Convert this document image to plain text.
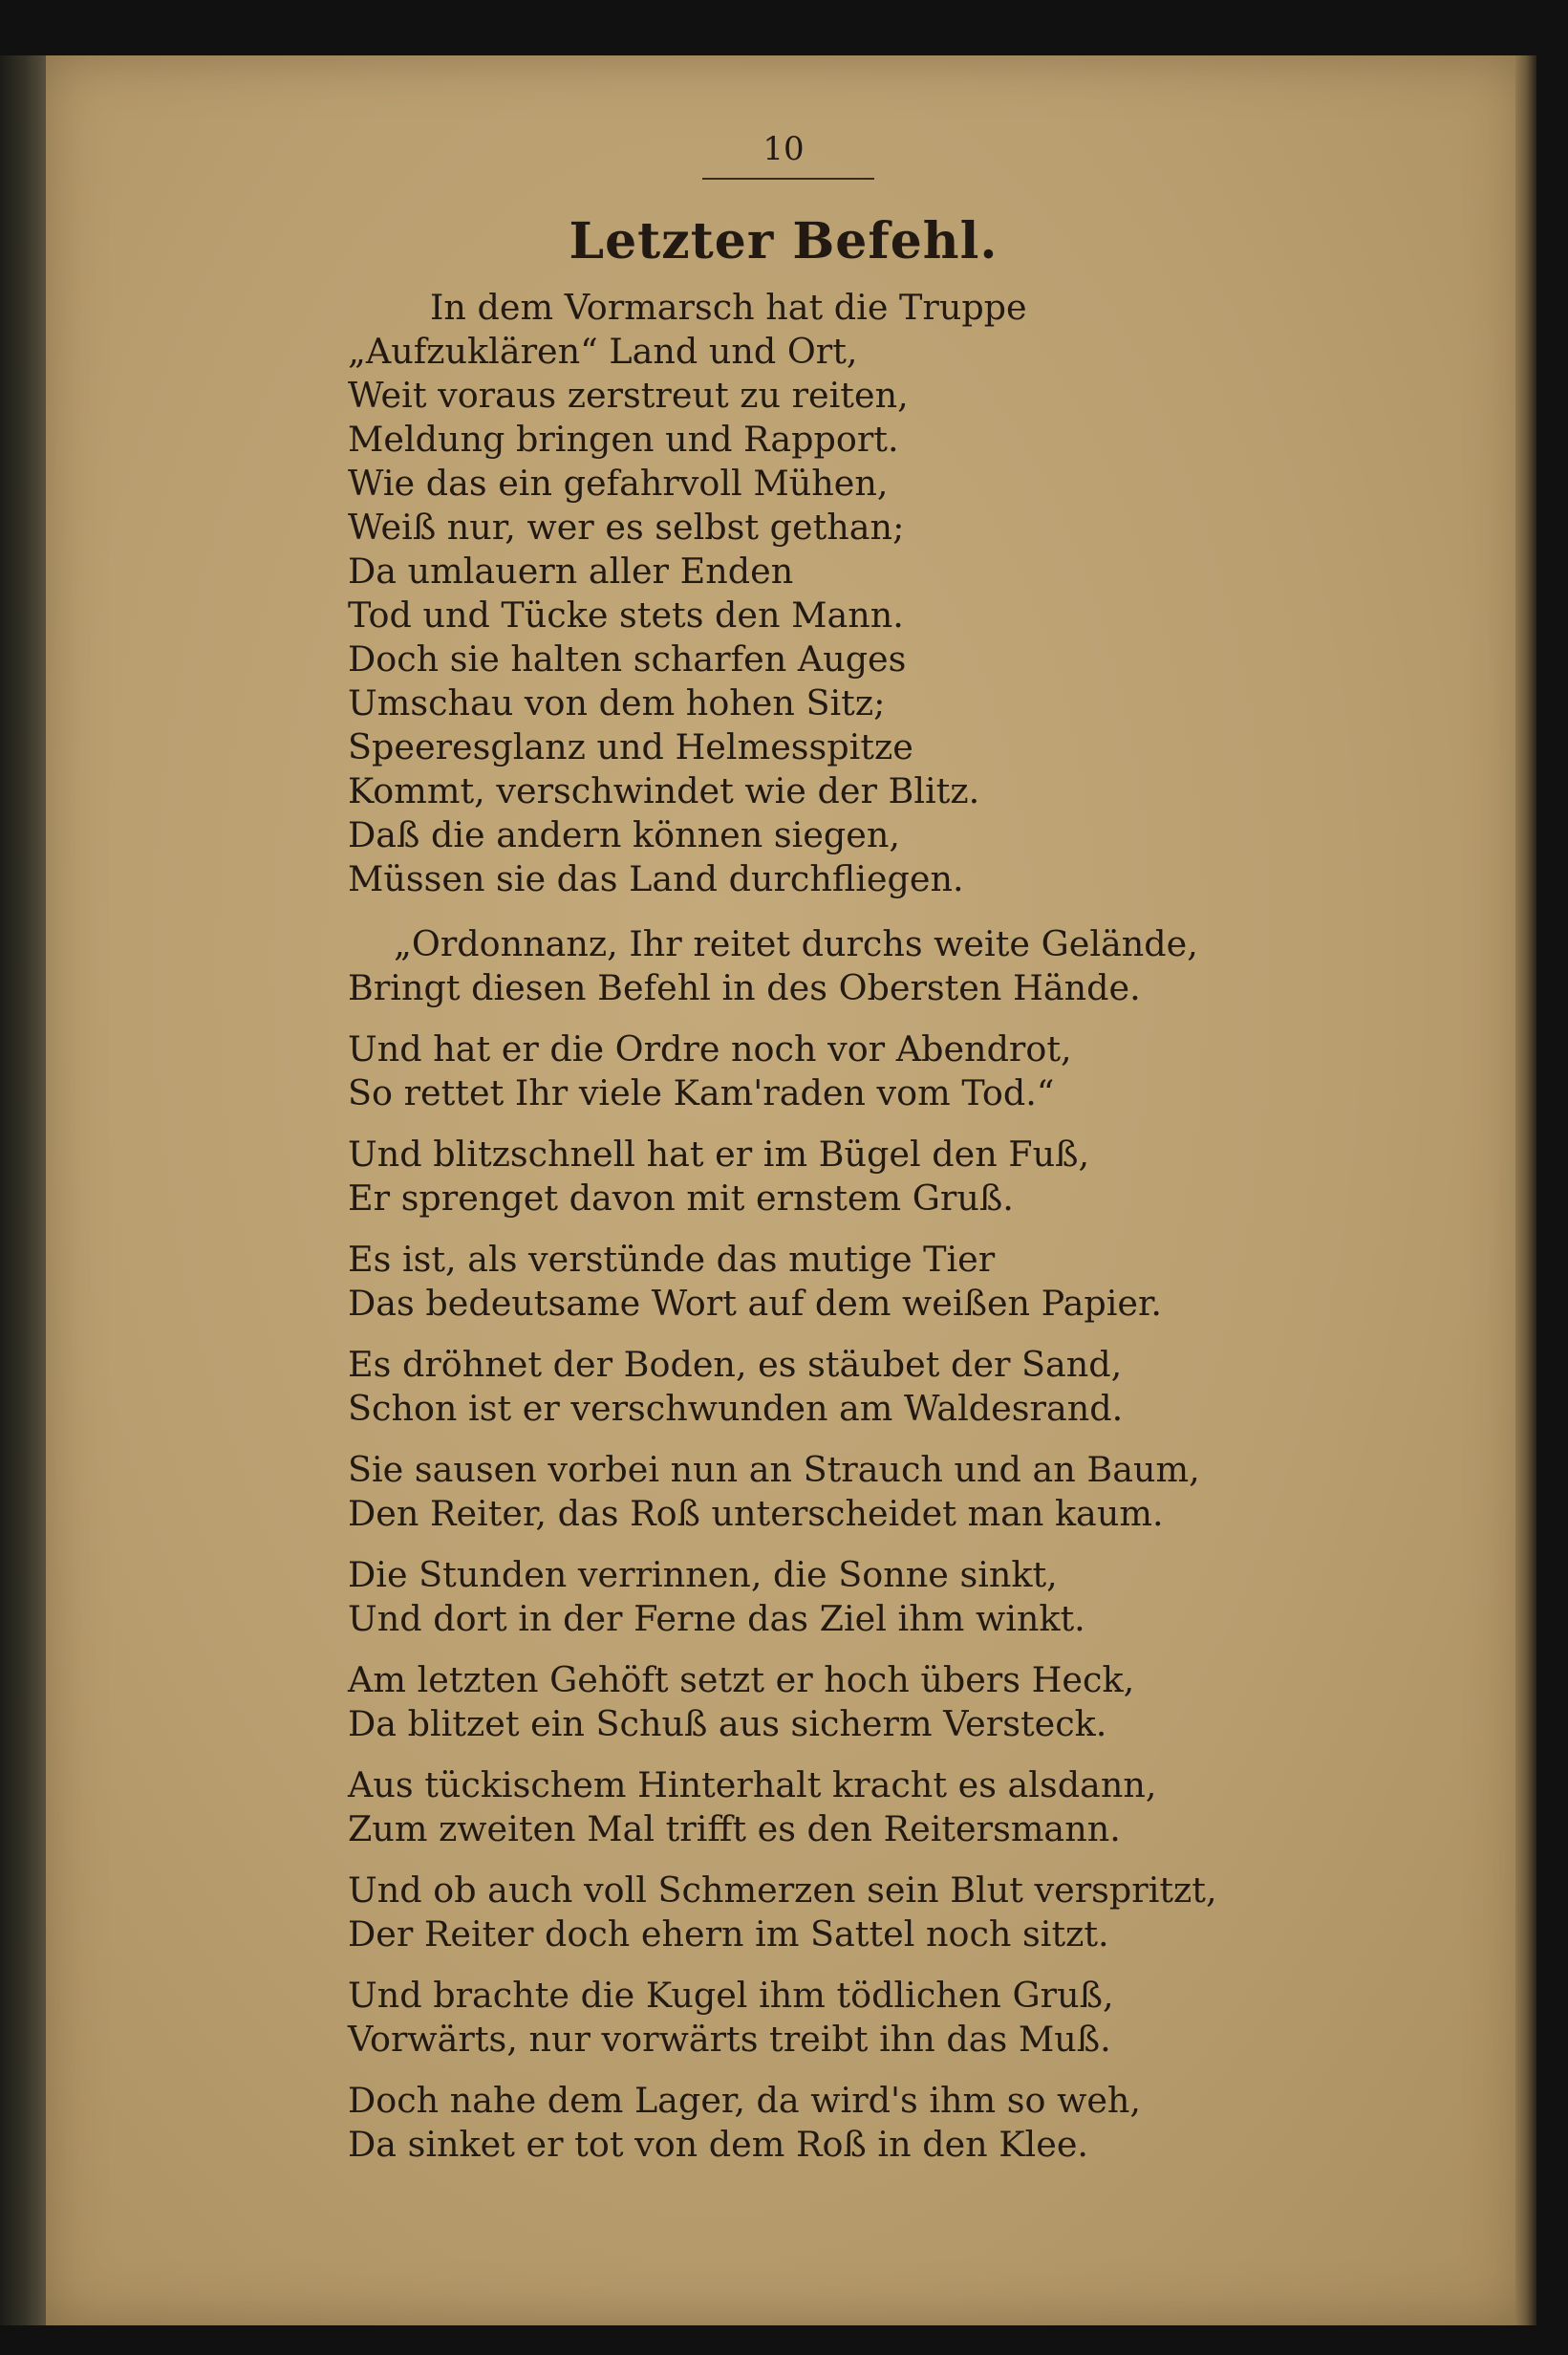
10
Letzter Befehl.
In dem Vormarsch hat die Truppe
„Aufzuklären“ Land und Ort,
Weit voraus zerstreut zu reiten,
Meldung bringen und Rapport.
Wie das ein gefahrvoll Mühen,
Weiß nur, wer es selbst gethan;
Da umlauern aller Enden
Tod und Tücke stets den Mann.
Doch sie halten scharfen Auges
Umschau von dem hohen Sitz;
Speeresglanz und Helmesspitze
Kommt, verschwindet wie der Blitz.
Daß die andern können siegen,
Müssen sie das Land durchfliegen.
„Ordonnanz, Ihr reitet durchs weite Gelände,
Bringt diesen Befehl in des Obersten Hände.
Und hat er die Ordre noch vor Abendrot,
So rettet Ihr viele Kam'raden vom Tod.“
Und blitzschnell hat er im Bügel den Fuß,
Er sprenget davon mit ernstem Gruß.
Es ist, als verstünde das mutige Tier
Das bedeutsame Wort auf dem weißen Papier.
Es dröhnet der Boden, es stäubet der Sand,
Schon ist er verschwunden am Waldesrand.
Sie sausen vorbei nun an Strauch und an Baum,
Den Reiter, das Roß unterscheidet man kaum.
Die Stunden verrinnen, die Sonne sinkt,
Und dort in der Ferne das Ziel ihm winkt.
Am letzten Gehöft setzt er hoch übers Heck,
Da blitzet ein Schuß aus sicherm Versteck.
Aus tückischem Hinterhalt kracht es alsdann,
Zum zweiten Mal trifft es den Reitersmann.
Und ob auch voll Schmerzen sein Blut verspritzt,
Der Reiter doch ehern im Sattel noch sitzt.
Und brachte die Kugel ihm tödlichen Gruß,
Vorwärts, nur vorwärts treibt ihn das Muß.
Doch nahe dem Lager, da wird's ihm so weh,
Da sinket er tot von dem Roß in den Klee.
